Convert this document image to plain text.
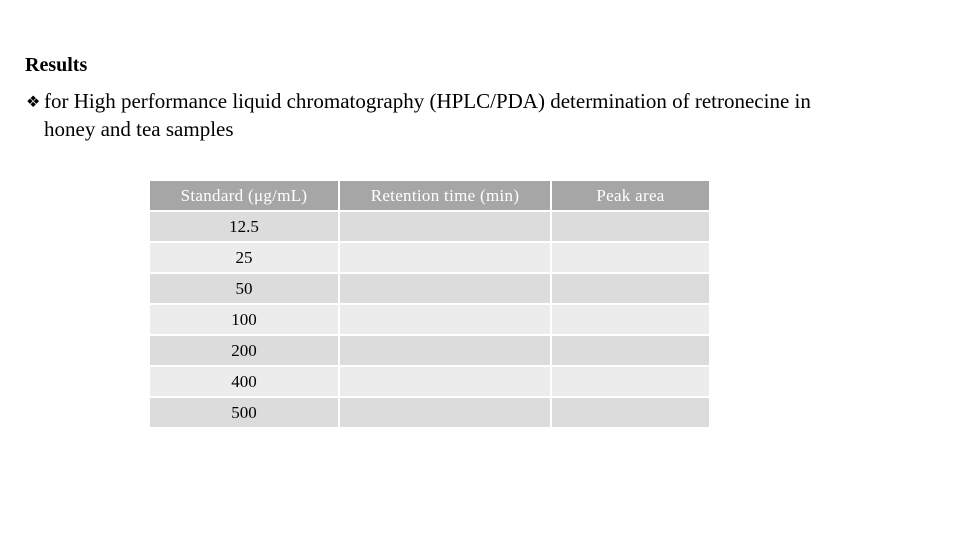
Results
❖ for High performance liquid chromatography (HPLC/PDA) determination of retronecine in
honey and tea samples
Standard (μg/mL)	Retention time (min)	Peak area
12.5		
25		
50		
100		
200		
400		
500		
